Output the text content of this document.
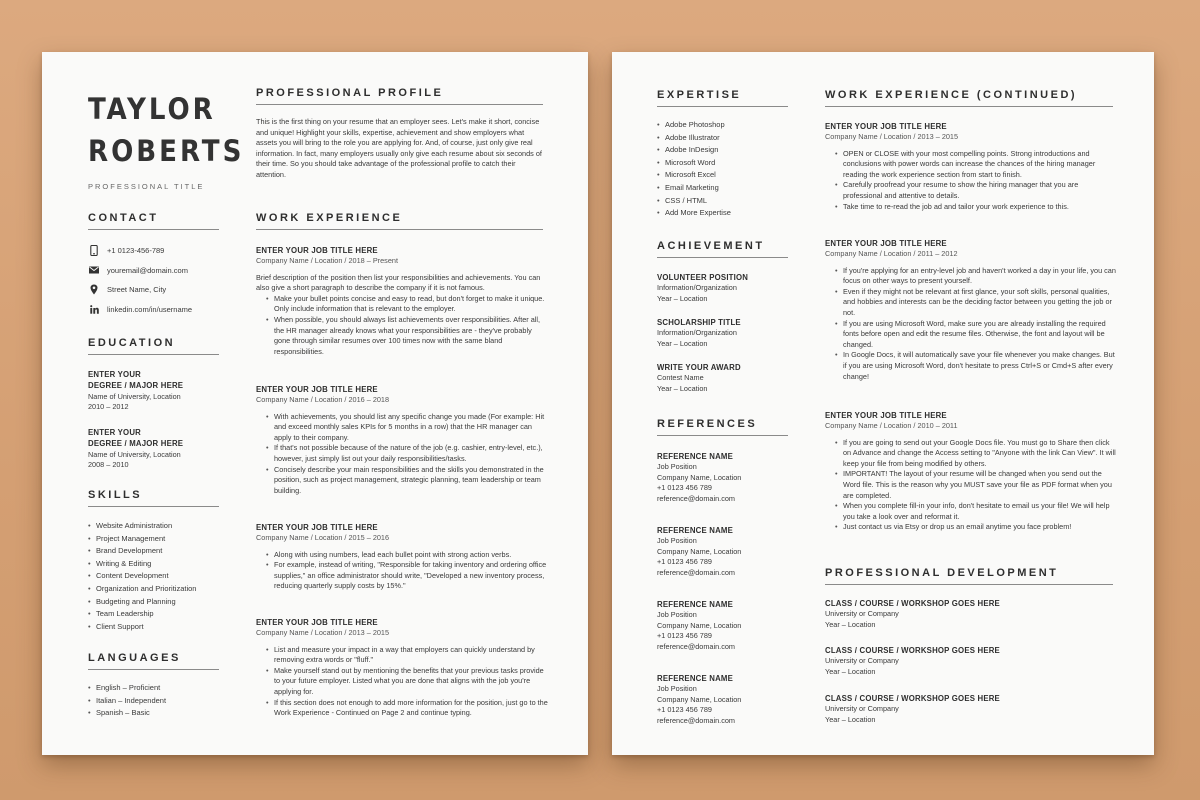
TAYLOR
ROBERTS
PROFESSIONAL TITLE
CONTACT
+1 0123-456-789
youremail@domain.com
Street Name, City
linkedin.com/in/username
EDUCATION
ENTER YOUR
DEGREE / MAJOR HERE
Name of University, Location
2010 – 2012
ENTER YOUR
DEGREE / MAJOR HERE
Name of University, Location
2008 – 2010
SKILLS
• Website Administration
• Project Management
• Brand Development
• Writing & Editing
• Content Development
• Organization and Prioritization
• Budgeting and Planning
• Team Leadership
• Client Support
LANGUAGES
• English – Proficient
• Italian – Independent
• Spanish – Basic
PROFESSIONAL PROFILE
This is the first thing on your resume that an employer sees. Let's make it short, concise and unique! Highlight your skills, expertise, achievement and show employers what assets you will bring to the role you are applying for. And, of course, just only give real information. In fact, many employers usually only give each resume about six seconds of their time. So you should take advantage of the professional profile to catch their attention.
WORK EXPERIENCE
ENTER YOUR JOB TITLE HERE
Company Name / Location / 2018 – Present
Brief description of the position then list your responsibilities and achievements. You can also give a short paragraph to describe the company if it is not famous.
• Make your bullet points concise and easy to read, but don't forget to make it unique. Only include information that is relevant to the employer.
• When possible, you should always list achievements over responsibilities. After all, the HR manager already knows what your responsibilities are - they've probably gone through similar resumes over 100 times now with the same bland responsibilities.
ENTER YOUR JOB TITLE HERE
Company Name / Location / 2016 – 2018
• With achievements, you should list any specific change you made (For example: Hit and exceed monthly sales KPIs for 5 months in a row) that the HR manager can apply to their company.
• If that's not possible because of the nature of the job (e.g. cashier, entry-level, etc.), however, just simply list out your daily responsibilities/tasks.
• Concisely describe your main responsibilities and the skills you demonstrated in the position, such as project management, strategic planning, team leadership or team building.
ENTER YOUR JOB TITLE HERE
Company Name / Location / 2015 – 2016
• Along with using numbers, lead each bullet point with strong action verbs.
• For example, instead of writing, "Responsible for taking inventory and ordering office supplies," an office administrator should write, "Developed a new inventory process, reducing quarterly supply costs by 15%."
ENTER YOUR JOB TITLE HERE
Company Name / Location / 2013 – 2015
• List and measure your impact in a way that employers can quickly understand by removing extra words or "fluff."
• Make yourself stand out by mentioning the benefits that your previous tasks provide to your future employer. Listed what you are done that aligns with the job you're applying for.
• If this section does not enough to add more information for the position, just go to the Work Experience - Continued on Page 2 and continue typing.
EXPERTISE
• Adobe Photoshop
• Adobe Illustrator
• Adobe InDesign
• Microsoft Word
• Microsoft Excel
• Email Marketing
• CSS / HTML
• Add More Expertise
ACHIEVEMENT
VOLUNTEER POSITION
Information/Organization
Year – Location
SCHOLARSHIP TITLE
Information/Organization
Year – Location
WRITE YOUR AWARD
Contest Name
Year – Location
REFERENCES
REFERENCE NAME
Job Position
Company Name, Location
+1 0123 456 789
reference@domain.com
REFERENCE NAME
Job Position
Company Name, Location
+1 0123 456 789
reference@domain.com
REFERENCE NAME
Job Position
Company Name, Location
+1 0123 456 789
reference@domain.com
REFERENCE NAME
Job Position
Company Name, Location
+1 0123 456 789
reference@domain.com
WORK EXPERIENCE (CONTINUED)
ENTER YOUR JOB TITLE HERE
Company Name / Location / 2013 – 2015
• OPEN or CLOSE with your most compelling points. Strong introductions and conclusions with power words can increase the chances of the hiring manager reading the work experience section from start to finish.
• Carefully proofread your resume to show the hiring manager that you are professional and attentive to details.
• Take time to re-read the job ad and tailor your work experience to this.
ENTER YOUR JOB TITLE HERE
Company Name / Location / 2011 – 2012
• If you're applying for an entry-level job and haven't worked a day in your life, you can focus on other ways to present yourself.
• Even if they might not be relevant at first glance, your soft skills, personal qualities, and hobbies and interests can be the deciding factor between you getting the job or not.
• If you are using Microsoft Word, make sure you are already installing the required fonts before open and edit the resume files. Otherwise, the font and layout will be changed.
• In Google Docs, it will automatically save your file whenever you make changes. But if you are using Microsoft Word, don't hesitate to press Ctrl+S or Cmd+S after every change!
ENTER YOUR JOB TITLE HERE
Company Name / Location / 2010 – 2011
• If you are going to send out your Google Docs file. You must go to Share then click on Advance and change the Access setting to "Anyone with the link Can View". It will keep your file from being modified by others.
• IMPORTANT! The layout of your resume will be changed when you send out the Word file. This is the reason why you MUST save your file as PDF format when you are completed.
• When you complete fill-in your info, don't hesitate to email us your file! We will help you take a look over and reformat it.
• Just contact us via Etsy or drop us an email anytime you face problem!
PROFESSIONAL DEVELOPMENT
CLASS / COURSE / WORKSHOP GOES HERE
University or Company
Year – Location
CLASS / COURSE / WORKSHOP GOES HERE
University or Company
Year – Location
CLASS / COURSE / WORKSHOP GOES HERE
University or Company
Year – Location
